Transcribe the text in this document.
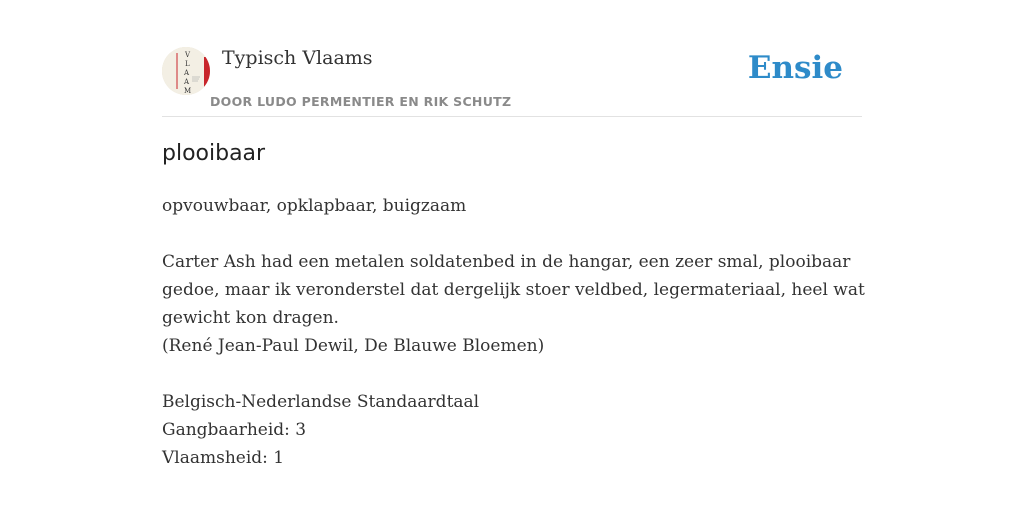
V
L
A
A
M
Typisch Vlaams
DOOR LUDO PERMENTIER EN RIK SCHUTZ
Ensie
plooibaar
opvouwbaar, opklapbaar, buigzaam
Carter Ash had een metalen soldatenbed in de hangar, een zeer smal, plooibaar
gedoe, maar ik veronderstel dat dergelijk stoer veldbed, legermateriaal, heel wat
gewicht kon dragen.
(René Jean-Paul Dewil, De Blauwe Bloemen)
Belgisch-Nederlandse Standaardtaal
Gangbaarheid: 3
Vlaamsheid: 1
